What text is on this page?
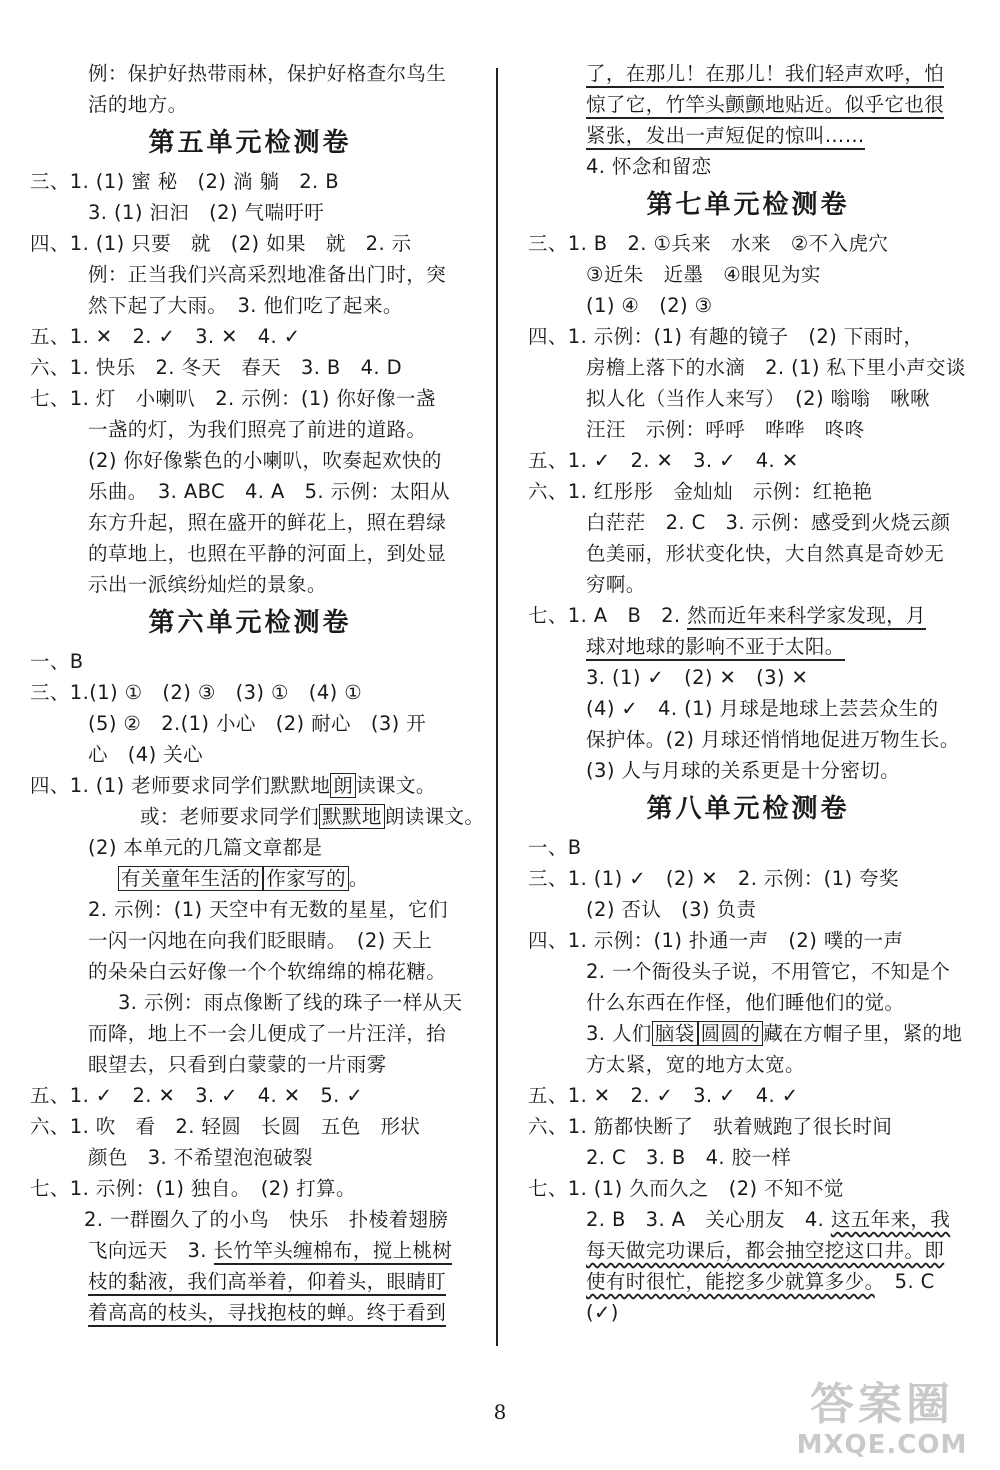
例：保护好热带雨林，保护好格查尔鸟生
活的地方。
第五单元检测卷
三、1. (1) 蜜 秘　(2) 淌 躺　2. B
3. (1) 汩汩　(2) 气喘吁吁
四、1. (1) 只要　就　(2) 如果　就　2. 示
例：正当我们兴高采烈地准备出门时，突
然下起了大雨。　3. 他们吃了起来。
五、1. ✕　2. ✓　3. ✕　4. ✓
六、1. 快乐　2. 冬天　春天　3. B　4. D
七、1. 灯　小喇叭　2. 示例：(1) 你好像一盏
一盏的灯，为我们照亮了前进的道路。
(2) 你好像紫色的小喇叭，吹奏起欢快的
乐曲。　3. ABC　4. A　5. 示例：太阳从
东方升起，照在盛开的鲜花上，照在碧绿
的草地上，也照在平静的河面上，到处显
示出一派缤纷灿烂的景象。
第六单元检测卷
一、B
三、1.(1) ①　(2) ③　(3) ①　(4) ①
(5) ②　2.(1) 小心　(2) 耐心　(3) 开
心　(4) 关心
四、1. (1) 老师要求同学们默默地 朗 读课文。
或：老师要求同学们 默默地 朗读课文。
(2) 本单元的几篇文章都是
有关童年生活的 作家写的 。
2. 示例：(1) 天空中有无数的星星，它们
一闪一闪地在向我们眨眼睛。　(2) 天上
的朵朵白云好像一个个软绵绵的棉花糖。
3. 示例：雨点像断了线的珠子一样从天
而降，地上不一会儿便成了一片汪洋，抬
眼望去，只看到白蒙蒙的一片雨雾
五、1. ✓　2. ✕　3. ✓　4. ✕　5. ✓
六、1. 吹　看　2. 轻圆　长圆　五色　形状
颜色　3. 不希望泡泡破裂
七、1. 示例：(1) 独自。　(2) 打算。
2. 一群圈久了的小鸟　快乐　扑棱着翅膀
飞向远天　3. 长竹竿头缠棉布，搅上桃树
枝的黏液，我们高举着，仰着头，眼睛盯
着高高的枝头，寻找抱枝的蝉。终于看到
了，在那儿！在那儿！我们轻声欢呼，怕
惊了它，竹竿头颤颤地贴近。似乎它也很
紧张，发出一声短促的惊叫……
4. 怀念和留恋
第七单元检测卷
三、1. B　2. ①兵来　水来　②不入虎穴
③近朱　近墨　④眼见为实
(1) ④　(2) ③
四、1. 示例：(1) 有趣的镜子　(2) 下雨时，
房檐上落下的水滴　2. (1) 私下里小声交谈
拟人化（当作人来写）　(2) 嗡嗡　啾啾
汪汪　示例：呼呼　哗哗　咚咚
五、1. ✓　2. ✕　3. ✓　4. ✕
六、1. 红彤彤　金灿灿　示例：红艳艳
白茫茫　2. C　3. 示例：感受到火烧云颜
色美丽，形状变化快，大自然真是奇妙无
穷啊。
七、1. A　B　2. 然而近年来科学家发现，月
球对地球的影响不亚于太阳。
3. (1) ✓　(2) ✕　(3) ✕
(4) ✓　4. (1) 月球是地球上芸芸众生的
保护体。(2) 月球还悄悄地促进万物生长。
(3) 人与月球的关系更是十分密切。
第八单元检测卷
一、B
三、1. (1) ✓　(2) ✕　2. 示例：(1) 夸奖
(2) 否认　(3) 负责
四、1. 示例：(1) 扑通一声　(2) 噗的一声
2. 一个衙役头子说，不用管它，不知是个
什么东西在作怪，他们睡他们的觉。
3. 人们 脑袋 圆圆的 藏在方帽子里，紧的地
方太紧，宽的地方太宽。
五、1. ✕　2. ✓　3. ✓　4. ✓
六、1. 筋都快断了　驮着贼跑了很长时间
2. C　3. B　4. 胶一样
七、1. (1) 久而久之　(2) 不知不觉
2. B　3. A　关心朋友　4. 这五年来，我
每天做完功课后，都会抽空挖这口井。即
使有时很忙，能挖多少就算多少。　5. C
(✓)
8	答案圈
MXQE.COM
